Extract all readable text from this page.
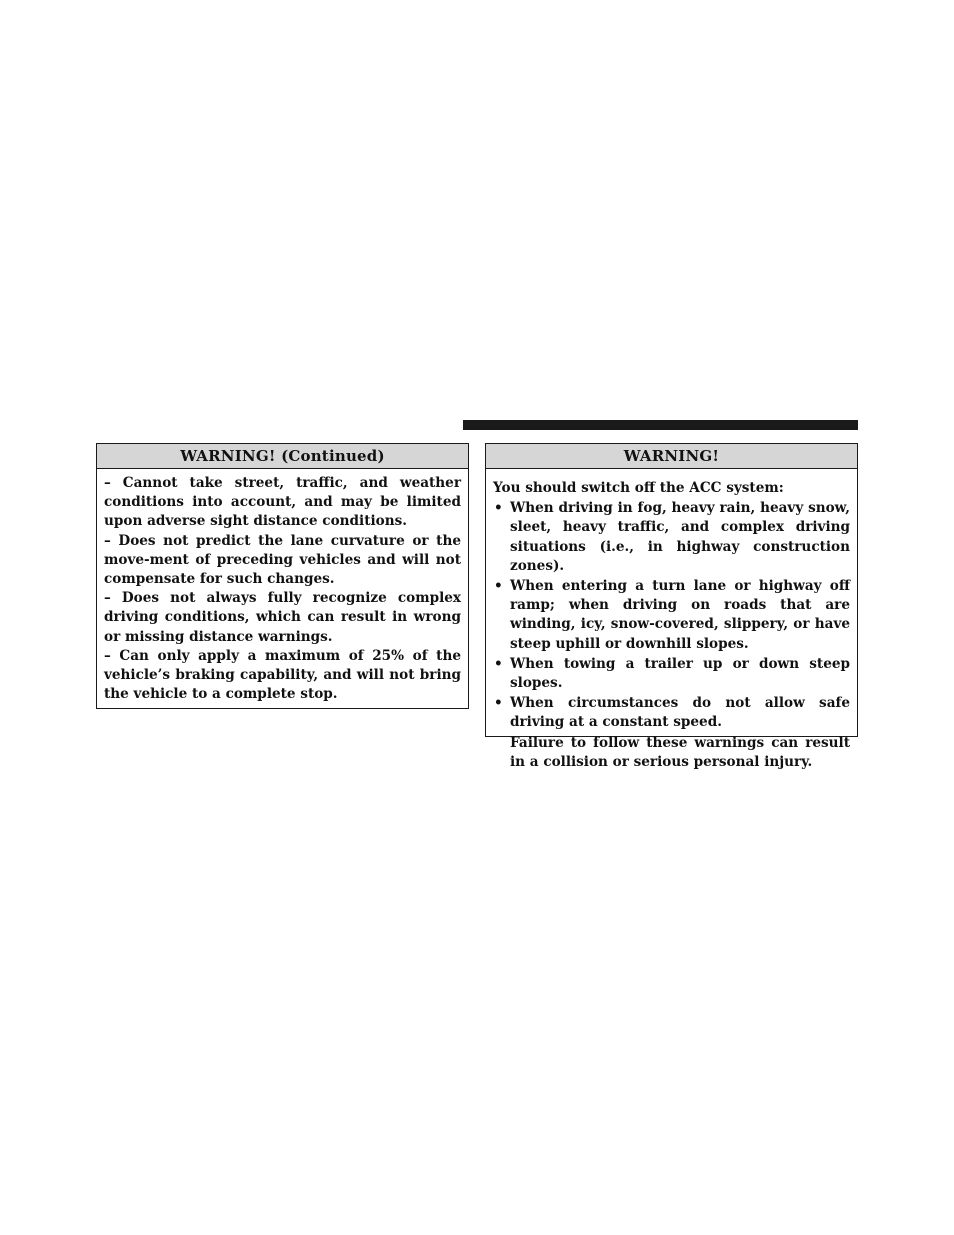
WARNING! (Continued)

– Cannot take street, traffic, and weather conditions into account, and may be limited upon adverse sight distance conditions.

– Does not predict the lane curvature or the move-ment of preceding vehicles and will not compensate for such changes.

– Does not always fully recognize complex driving conditions, which can result in wrong or missing distance warnings.

– Can only apply a maximum of 25% of the vehicle’s braking capability, and will not bring the vehicle to a complete stop.

WARNING!

You should switch off the ACC system:

• When driving in fog, heavy rain, heavy snow, sleet, heavy traffic, and complex driving situations (i.e., in highway construction zones).
• When entering a turn lane or highway off ramp; when driving on roads that are winding, icy, snow-covered, slippery, or have steep uphill or downhill slopes.
• When towing a trailer up or down steep slopes.
• When circumstances do not allow safe driving at a constant speed.

Failure to follow these warnings can result in a collision or serious personal injury.
